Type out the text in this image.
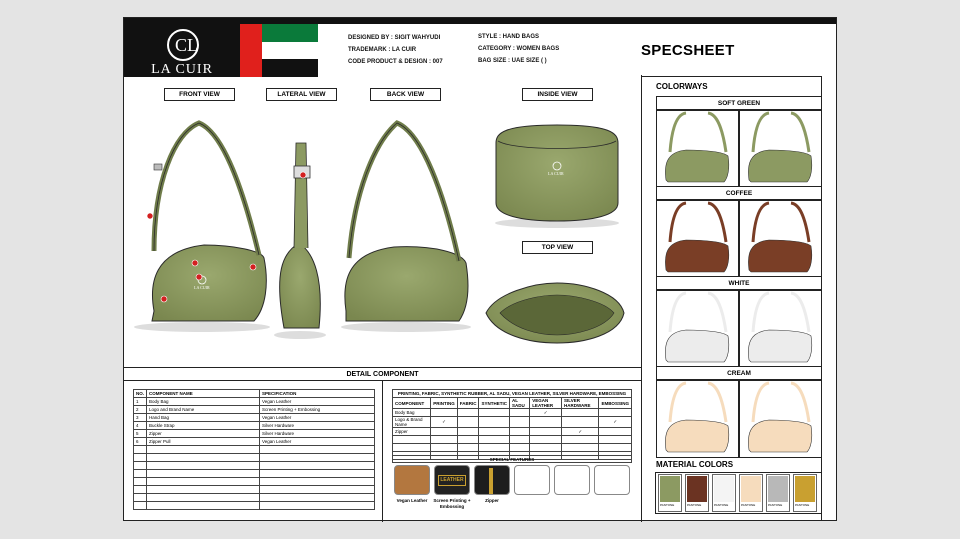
CL
LA CUIR
DESIGNED BY : SIGIT WAHYUDI
TRADEMARK : LA CUIR
CODE PRODUCT & DESIGN : 007
STYLE : HAND BAGS
CATEGORY : WOMEN BAGS
BAG SIZE : UAE SIZE ( )
SPECSHEET
FRONT VIEW	LATERAL VIEW	BACK VIEW	INSIDE VIEW
TOP VIEW
LA CUIR
LA CUIR
DETAIL COMPONENT
NO.	COMPONENT NAME	SPECIFICATION
1	Body Bag	Vegan Leather
2	Logo and Brand Name	Screen Printing + Embossing
3	Hand Bag	Vegan Leather
4	Buckle Strap	Silver Hardware
5	Zipper	Silver Hardware
6	Zipper Pull	Vegan Leather

PRINTING, FABRIC, SYNTHETIC RUBBER, AL SADU, VEGAN LEATHER, SILVER HARDWARE, EMBOSSING							
COMPONENT	PRINTING	FABRIC	SYNTHETIC	AL SADU	VEGAN LEATHER	SILVER HARDWARE	EMBOSSING
Body Bag					✓		
Logo & Brand Name	✓						✓
Zipper						✓	

SPECIAL FEATURES
LEATHER
Vegan Leather	Screen Printing + Embossing
Zipper
COLORWAYS
SOFT GREEN
COFFEE
WHITE
CREAM
MATERIAL COLORS
PANTONE	PANTONE	PANTONE	PANTONE	PANTONE	PANTONE
